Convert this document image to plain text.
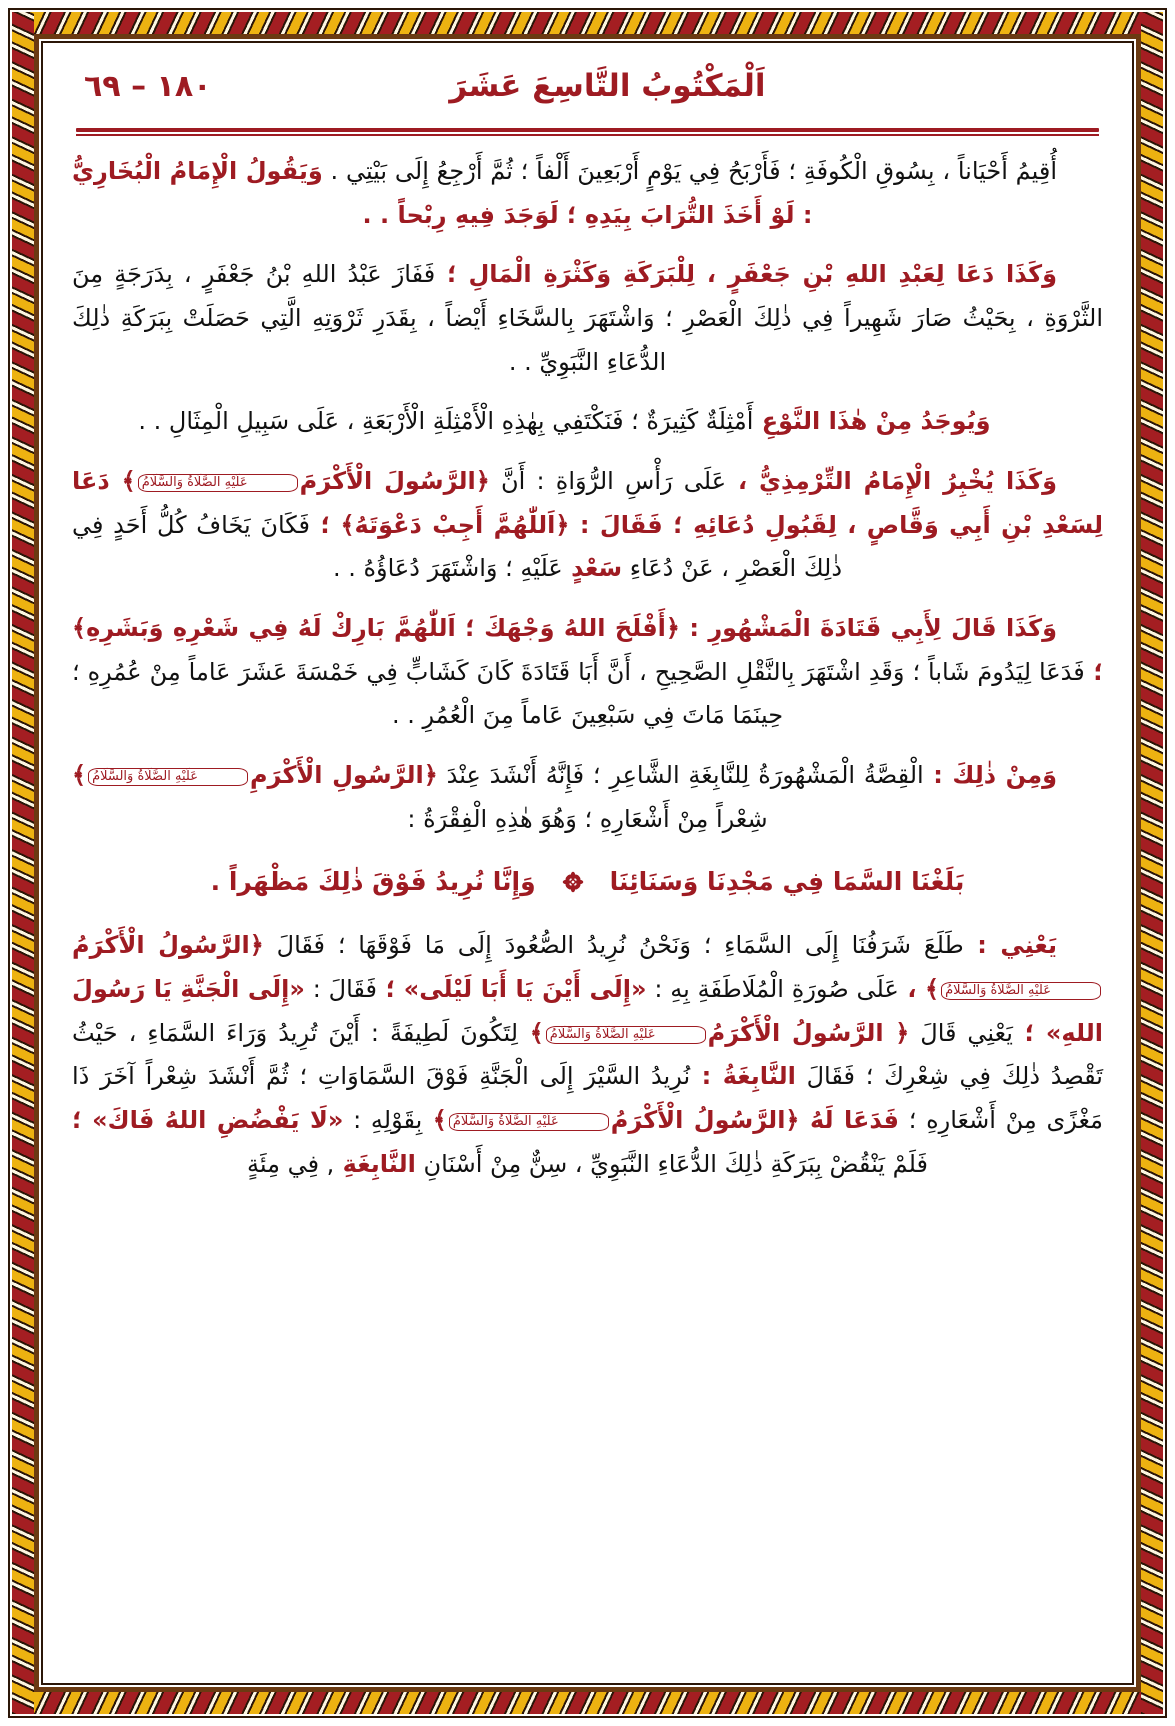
اَلْمَكْتُوبُ التَّاسِعَ عَشَرَ
١٨٠ – ٦٩

أُقِيمُ أَحْيَاناً ، بِسُوقِ الْكُوفَةِ ؛ فَأَرْبَحُ فِي يَوْمٍ أَرْبَعِينَ أَلْفاً ؛ ثُمَّ أَرْجِعُ إِلَى بَيْتِي . وَيَقُولُ الْإِمَامُ الْبُخَارِيُّ : لَوْ أَخَذَ التُّرَابَ بِيَدِهِ ؛ لَوَجَدَ فِيهِ رِبْحاً . .

وَكَذَا دَعَا لِعَبْدِ اللهِ بْنِ جَعْفَرٍ ، لِلْبَرَكَةِ وَكَثْرَةِ الْمَالِ ؛ فَفَازَ عَبْدُ اللهِ بْنُ جَعْفَرٍ ، بِدَرَجَةٍ مِنَ الثَّرْوَةِ ، بِحَيْثُ صَارَ شَهِيراً فِي ذٰلِكَ الْعَصْرِ ؛ وَاشْتَهَرَ بِالسَّخَاءِ أَيْضاً ، بِقَدَرِ ثَرْوَتِهِ الَّتِي حَصَلَتْ بِبَرَكَةِ ذٰلِكَ الدُّعَاءِ النَّبَوِيِّ . .

وَيُوجَدُ مِنْ هٰذَا النَّوْعِ أَمْثِلَةٌ كَثِيرَةٌ ؛ فَنَكْتَفِي بِهٰذِهِ الْأَمْثِلَةِ الْأَرْبَعَةِ ، عَلَى سَبِيلِ الْمِثَالِ . .

وَكَذَا يُخْبِرُ الْإِمَامُ التِّرْمِذِيُّ ، عَلَى رَأْسِ الرُّوَاةِ : أَنَّ ﴿الرَّسُولَ الْأَكْرَمَعَلَيْهِ الصَّلَاةُ وَالسَّلَامُ﴾ دَعَا لِسَعْدِ بْنِ أَبِي وَقَّاصٍ ، لِقَبُولِ دُعَائِهِ ؛ فَقَالَ : ﴿اَللّٰهُمَّ أَجِبْ دَعْوَتَهُ﴾ ؛ فَكَانَ يَخَافُ كُلُّ أَحَدٍ فِي ذٰلِكَ الْعَصْرِ ، عَنْ دُعَاءِ سَعْدٍ عَلَيْهِ ؛ وَاشْتَهَرَ دُعَاؤُهُ . .

وَكَذَا قَالَ لِأَبِي قَتَادَةَ الْمَشْهُورِ : ﴿أَفْلَحَ اللهُ وَجْهَكَ ؛ اَللّٰهُمَّ بَارِكْ لَهُ فِي شَعْرِهِ وَبَشَرِهِ﴾ ؛ فَدَعَا لِيَدُومَ شَاباً ؛ وَقَدِ اشْتَهَرَ بِالنَّقْلِ الصَّحِيحِ ، أَنَّ أَبَا قَتَادَةَ كَانَ كَشَابٍّ فِي خَمْسَةَ عَشَرَ عَاماً مِنْ عُمُرِهِ ؛ حِينَمَا مَاتَ فِي سَبْعِينَ عَاماً مِنَ الْعُمُرِ . .

وَمِنْ ذٰلِكَ : الْقِصَّةُ الْمَشْهُورَةُ لِلنَّابِغَةِ الشَّاعِرِ ؛ فَإِنَّهُ أَنْشَدَ عِنْدَ ﴿الرَّسُولِ الْأَكْرَمِعَلَيْهِ الصَّلَاةُ وَالسَّلَامُ﴾ شِعْراً مِنْ أَشْعَارِهِ ؛ وَهُوَ هٰذِهِ الْفِقْرَةُ :

بَلَغْنَا السَّمَا فِي مَجْدِنَا وَسَنَائِنَاوَإِنَّا نُرِيدُ فَوْقَ ذٰلِكَ مَظْهَراً .

يَعْنِي : طَلَعَ شَرَفُنَا إِلَى السَّمَاءِ ؛ وَنَحْنُ نُرِيدُ الصُّعُودَ إِلَى مَا فَوْقَهَا ؛ فَقَالَ ﴿الرَّسُولُ الْأَكْرَمُعَلَيْهِ الصَّلَاةُ وَالسَّلَامُ﴾ ، عَلَى صُورَةِ الْمُلَاطَفَةِ بِهِ : «إِلَى أَيْنَ يَا أَبَا لَيْلَى» ؛ فَقَالَ : «إِلَى الْجَنَّةِ يَا رَسُولَ اللهِ» ؛ يَعْنِي قَالَ ﴿ الرَّسُولُ الْأَكْرَمُعَلَيْهِ الصَّلَاةُ وَالسَّلَامُ﴾ لِتَكُونَ لَطِيفَةً : أَيْنَ تُرِيدُ وَرَاءَ السَّمَاءِ ، حَيْثُ تَقْصِدُ ذٰلِكَ فِي شِعْرِكَ ؛ فَقَالَ النَّابِغَةُ : نُرِيدُ السَّيْرَ إِلَى الْجَنَّةِ فَوْقَ السَّمَاوَاتِ ؛ ثُمَّ أَنْشَدَ شِعْراً آخَرَ ذَا مَغْزًى مِنْ أَشْعَارِهِ ؛ فَدَعَا لَهُ ﴿الرَّسُولُ الْأَكْرَمُعَلَيْهِ الصَّلَاةُ وَالسَّلَامُ﴾ بِقَوْلِهِ : «لَا يَفْضُضِ اللهُ فَاكَ» ؛ فَلَمْ يَنْقُضْ بِبَرَكَةِ ذٰلِكَ الدُّعَاءِ النَّبَوِيِّ ، سِنٌّ مِنْ أَسْنَانِ النَّابِغَةِ , فِي مِئَةٍ
